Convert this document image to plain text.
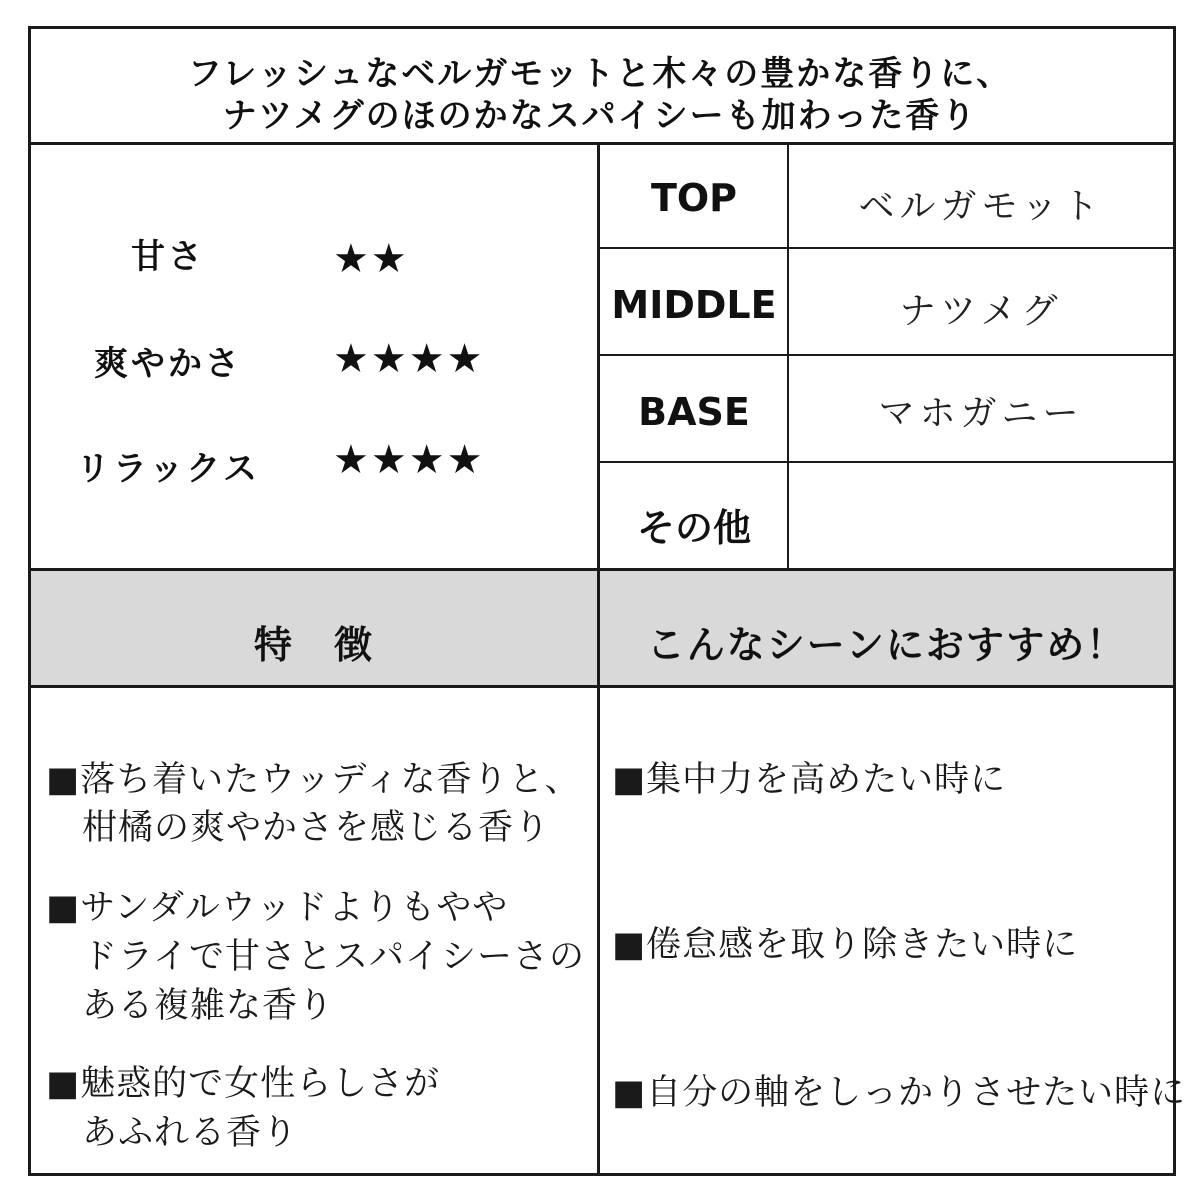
フレッシュなベルガモットと木々の豊かな香りに、
ナツメグのほのかなスパイシーも加わった香り
甘さ	★★
爽やかさ	★★★★
リラックス ★★★★
TOP	ベルガモット
MIDDLE	ナツメグ
BASE	マホガニー
その他
特　徴	こんなシーンにおすすめ！
■落ち着いたウッディな香りと、
柑橘の爽やかさを感じる香り
■サンダルウッドよりもやや
ドライで甘さとスパイシーさの
ある複雑な香り
■魅惑的で女性らしさが
あふれる香り
■集中力を高めたい時に
■倦怠感を取り除きたい時に
■自分の軸をしっかりさせたい時に
